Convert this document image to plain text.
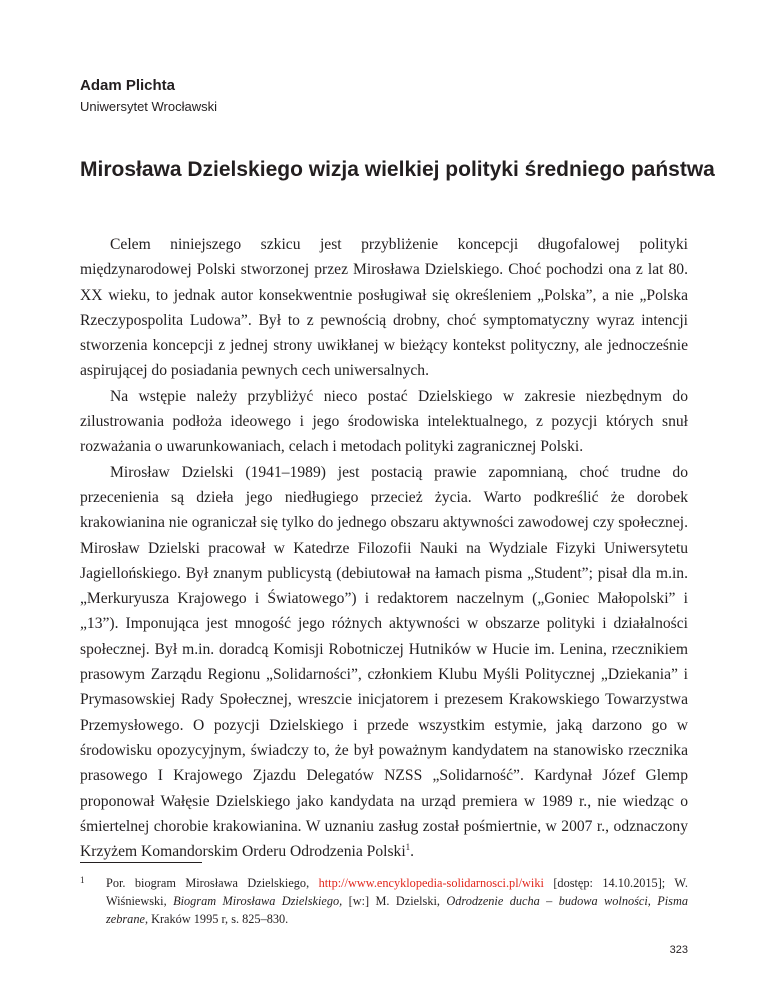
Adam Plichta
Uniwersytet Wrocławski
Mirosława Dzielskiego wizja wielkiej polityki średniego państwa

Celem niniejszego szkicu jest przybliżenie koncepcji długofalowej polityki międzynarodowej Polski stworzonej przez Mirosława Dzielskiego. Choć pochodzi ona z lat 80. XX wieku, to jednak autor konsekwentnie posługiwał się określeniem „Polska”, a nie „Polska Rzeczypospolita Ludowa”. Był to z pewnością drobny, choć symptomatyczny wyraz intencji stworzenia koncepcji z jednej strony uwikłanej w bieżący kontekst polityczny, ale jednocześnie aspirującej do posiadania pewnych cech uniwersalnych.

Na wstępie należy przybliżyć nieco postać Dzielskiego w zakresie niezbędnym do zilustrowania podłoża ideowego i jego środowiska intelektualnego, z pozycji których snuł rozważania o uwarunkowaniach, celach i metodach polityki zagranicznej Polski.

Mirosław Dzielski (1941–1989) jest postacią prawie zapomnianą, choć trudne do przecenienia są dzieła jego niedługiego przecież życia. Warto podkreślić że dorobek krakowianina nie ograniczał się tylko do jednego obszaru aktywności zawodowej czy społecznej. Mirosław Dzielski pracował w Katedrze Filozofii Nauki na Wydziale Fizyki Uniwersytetu Jagiellońskiego. Był znanym publicystą (debiutował na łamach pisma „Student”; pisał dla m.in. „Merkuryusza Krajowego i Światowego”) i redaktorem naczelnym („Goniec Małopolski” i „13”). Imponująca jest mnogość jego różnych aktywności w obszarze polityki i działalności społecznej. Był m.in. doradcą Komisji Robotniczej Hutników w Hucie im. Lenina, rzecznikiem prasowym Zarządu Regionu „Solidarności”, członkiem Klubu Myśli Politycznej „Dziekania” i Prymasowskiej Rady Społecznej, wreszcie inicjatorem i prezesem Krakowskiego Towarzystwa Przemysłowego. O pozycji Dzielskiego i przede wszystkim estymie, jaką darzono go w środowisku opozycyjnym, świadczy to, że był poważnym kandydatem na stanowisko rzecznika prasowego I Krajowego Zjazdu Delegatów NZSS „Solidarność”. Kardynał Józef Glemp proponował Wałęsie Dzielskiego jako kandydata na urząd premiera w 1989 r., nie wiedząc o śmiertelnej chorobie krakowianina. W uznaniu zasług został pośmiertnie, w 2007 r., odznaczony Krzyżem Komandorskim Orderu Odrodzenia Polski$^1$.

1 Por. biogram Mirosława Dzielskiego, http://www.encyklopedia-solidarnosci.pl/wiki [dostęp: 14.10.2015]; W. Wiśniewski, Biogram Mirosława Dzielskiego, [w:] M. Dzielski, Odrodzenie ducha – budowa wolności, Pisma zebrane, Kraków 1995 r, s. 825–830.
323
